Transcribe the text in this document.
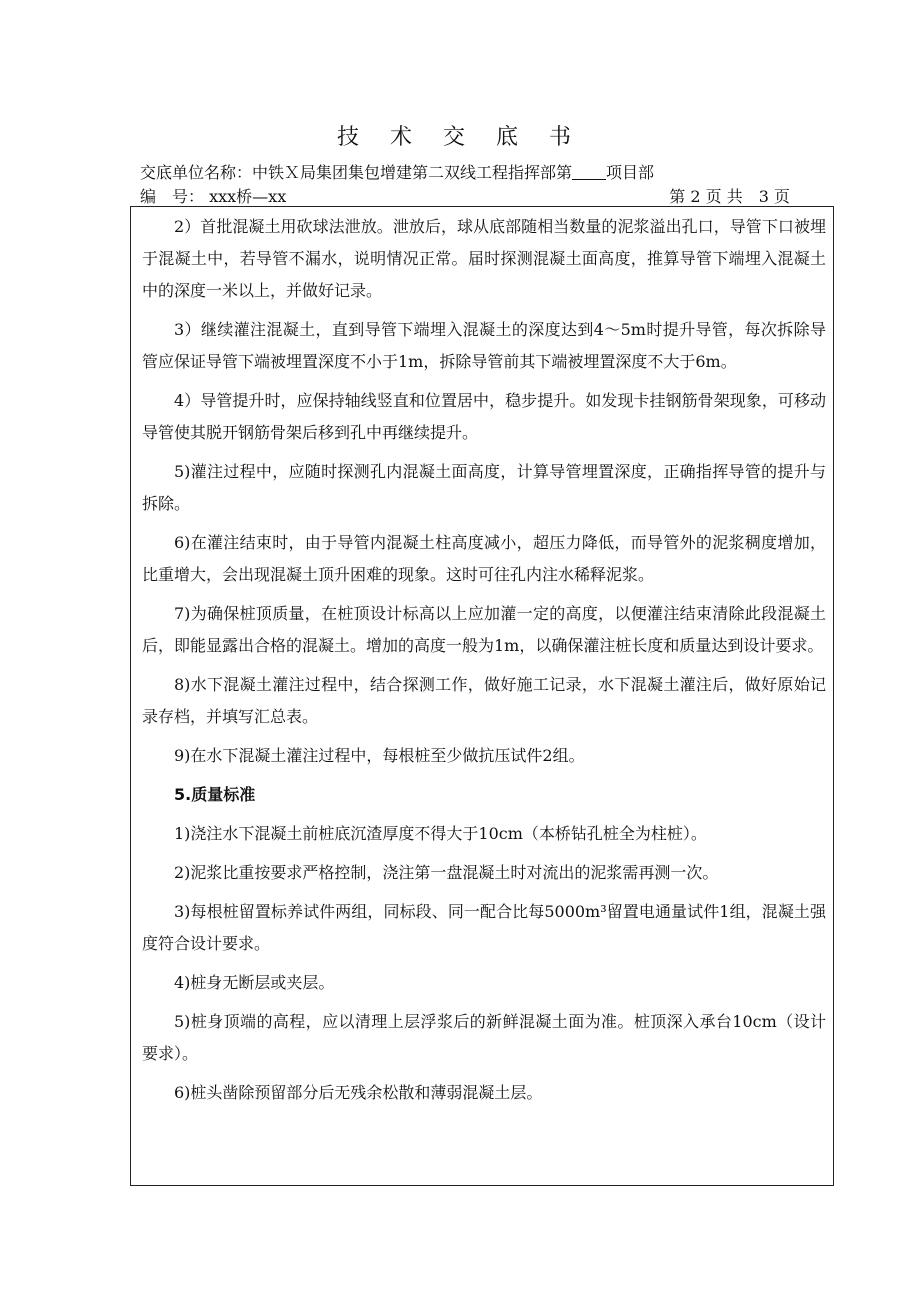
技 术 交 底 书
交底单位名称：中铁Ｘ局集团集包增建第二双线工程指挥部第 项目部
编　号： xxx桥—xx	第 2 页 共　3 页

2）首批混凝土用砍球法泄放。泄放后，球从底部随相当数量的泥浆溢出孔口，导管下口被埋于混凝土中，若导管不漏水，说明情况正常。届时探测混凝土面高度，推算导管下端埋入混凝土中的深度一米以上，并做好记录。

3）继续灌注混凝土，直到导管下端埋入混凝土的深度达到4～5m时提升导管，每次拆除导管应保证导管下端被埋置深度不小于1m，拆除导管前其下端被埋置深度不大于6m。

4）导管提升时，应保持轴线竖直和位置居中，稳步提升。如发现卡挂钢筋骨架现象，可移动导管使其脱开钢筋骨架后移到孔中再继续提升。

5)灌注过程中，应随时探测孔内混凝土面高度，计算导管埋置深度，正确指挥导管的提升与拆除。

6)在灌注结束时，由于导管内混凝土柱高度减小，超压力降低，而导管外的泥浆稠度增加，比重增大，会出现混凝土顶升困难的现象。这时可往孔内注水稀释泥浆。

7)为确保桩顶质量，在桩顶设计标高以上应加灌一定的高度，以便灌注结束清除此段混凝土后，即能显露出合格的混凝土。增加的高度一般为1m，以确保灌注桩长度和质量达到设计要求。

8)水下混凝土灌注过程中，结合探测工作，做好施工记录，水下混凝土灌注后，做好原始记录存档，并填写汇总表。

9)在水下混凝土灌注过程中，每根桩至少做抗压试件2组。

5.质量标准

1)浇注水下混凝土前桩底沉渣厚度不得大于10cm（本桥钻孔桩全为柱桩）。

2)泥浆比重按要求严格控制，浇注第一盘混凝土时对流出的泥浆需再测一次。

3)每根桩留置标养试件两组，同标段、同一配合比每5000m³留置电通量试件1组，混凝土强度符合设计要求。

4)桩身无断层或夹层。

5)桩身顶端的高程，应以清理上层浮浆后的新鲜混凝土面为准。桩顶深入承台10cm（设计要求）。

6)桩头凿除预留部分后无残余松散和薄弱混凝土层。
